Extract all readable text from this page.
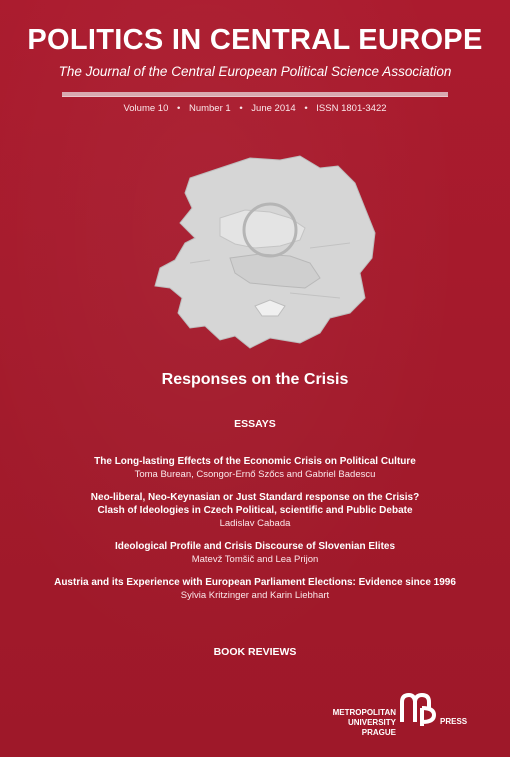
POLITICS IN CENTRAL EUROPE
The Journal of the Central European Political Science Association
Volume 10 • Number 1 • June 2014 • ISSN 1801-3422
Responses on the Crisis
ESSAYS
The Long-lasting Effects of the Economic Crisis on Political Culture
Toma Burean, Csongor-Ernő Szőcs and Gabriel Badescu
Neo-liberal, Neo-Keynasian or Just Standard response on the Crisis?
Clash of Ideologies in Czech Political, scientific and Public Debate
Ladislav Cabada
Ideological Profile and Crisis Discourse of Slovenian Elites
Matevž Tomšič and Lea Prijon
Austria and its Experience with European Parliament Elections: Evidence since 1996
Sylvia Kritzinger and Karin Liebhart
BOOK REVIEWS
METROPOLITAN
UNIVERSITY PRAGUE
PRESS
